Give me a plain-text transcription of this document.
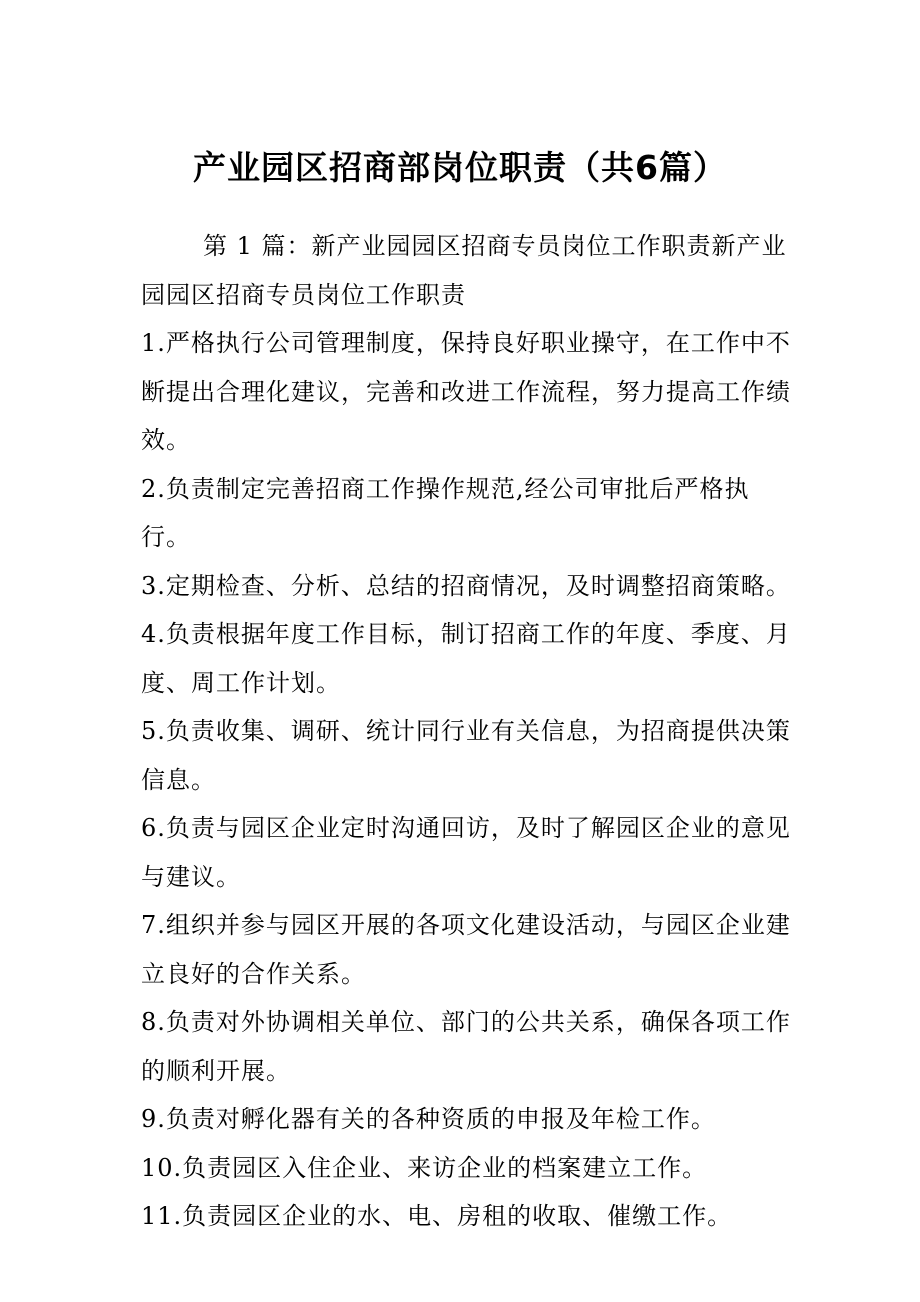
产业园区招商部岗位职责（共6篇）

第 1 篇：新产业园园区招商专员岗位工作职责新产业园园区招商专员岗位工作职责

1.严格执行公司管理制度，保持良好职业操守，在工作中不断提出合理化建议，完善和改进工作流程，努力提高工作绩效。

2.负责制定完善招商工作操作规范,经公司审批后严格执行。

3.定期检查、分析、总结的招商情况，及时调整招商策略。

4.负责根据年度工作目标，制订招商工作的年度、季度、月度、周工作计划。

5.负责收集、调研、统计同行业有关信息，为招商提供决策信息。

6.负责与园区企业定时沟通回访，及时了解园区企业的意见与建议。

7.组织并参与园区开展的各项文化建设活动，与园区企业建立良好的合作关系。

8.负责对外协调相关单位、部门的公共关系，确保各项工作的顺利开展。

9.负责对孵化器有关的各种资质的申报及年检工作。

10.负责园区入住企业、来访企业的档案建立工作。

11.负责园区企业的水、电、房租的收取、催缴工作。
